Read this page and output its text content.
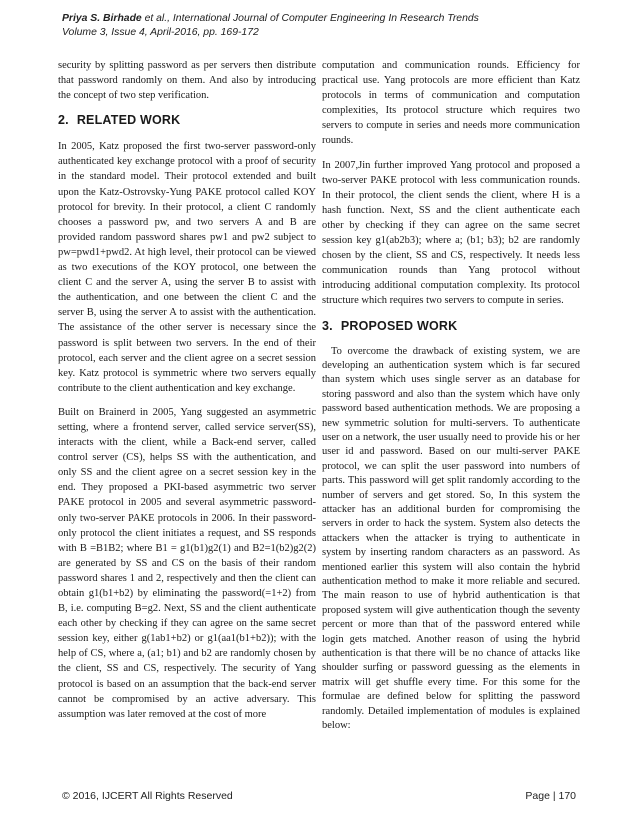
Priya S. Birhade et al., International Journal of Computer Engineering In Research Trends
Volume 3, Issue 4, April-2016, pp. 169-172

security by splitting password as per servers then distribute that password randomly on them. And also by introducing the concept of two step verification.

2. RELATED WORK

In 2005, Katz proposed the first two-server password-only authenticated key exchange protocol with a proof of security in the standard model. Their protocol extended and built upon the Katz-Ostrovsky-Yung PAKE protocol called KOY protocol for brevity. In their protocol, a client C randomly chooses a password pw, and two servers A and B are provided random password shares pw1 and pw2 subject to pw=pwd1+pwd2. At high level, their protocol can be viewed as two executions of the KOY protocol, one between the client C and the server A, using the server B to assist with the authentication, and one between the client C and the server B, using the server A to assist with the authentication. The assistance of the other server is necessary since the password is split between two servers. In the end of their protocol, each server and the client agree on a secret session key. Katz protocol is symmetric where two servers equally contribute to the client authentication and key exchange.

Built on Brainerd in 2005, Yang suggested an asymmetric setting, where a frontend server, called service server(SS), interacts with the client, while a Back-end server, called control server (CS), helps SS with the authentication, and only SS and the client agree on a secret session key in the end. They proposed a PKI-based asymmetric two server PAKE protocol in 2005 and several asymmetric password-only two-server PAKE protocols in 2006. In their password-only protocol the client initiates a request, and SS responds with B =B1B2; where B1 = g1(b1)g2(1) and B2=1(b2)g2(2) are generated by SS and CS on the basis of their random password shares 1 and 2, respectively and then the client can obtain g1(b1+b2) by eliminating the password(=1+2) from B, i.e. computing B=g2. Next, SS and the client authenticate each other by checking if they can agree on the same secret session key, either g(1ab1+b2) or g1(aa1(b1+b2)); with the help of CS, where a, (a1; b1) and b2 are randomly chosen by the client, SS and CS, respectively. The security of Yang protocol is based on an assumption that the back-end server cannot be compromised by an active adversary. This assumption was later removed at the cost of more

computation and communication rounds. Efficiency for practical use. Yang protocols are more efficient than Katz protocols in terms of communication and computation complexities, Its protocol structure which requires two servers to compute in series and needs more communication rounds.

In 2007,Jin further improved Yang protocol and proposed a two-server PAKE protocol with less communication rounds. In their protocol, the client sends the client, where H is a hash function. Next, SS and the client authenticate each other by checking if they can agree on the same secret session key g1(ab2b3); where a; (b1; b3); b2 are randomly chosen by the client, SS and CS, respectively. It needs less communication rounds than Yang protocol without introducing additional computation complexity. Its protocol structure which requires two servers to compute in series.

3. PROPOSED WORK

To overcome the drawback of existing system, we are developing an authentication system which is far secured than system which uses single server as an database for storing password and also than the system which have only password based authentication methods. We are proposing a new symmetric solution for multi-servers. To authenticate user on a network, the user usually need to provide his or her user id and password. Based on our multi-server PAKE protocol, we can split the user password into numbers of parts. This password will get split randomly according to the number of servers and get stored. So, In this system the attacker has an additional burden for compromising the servers in order to hack the system. System also detects the attackers when the attacker is trying to authenticate in system by inserting random characters as an password. As mentioned earlier this system will also contain the hybrid authentication method to make it more reliable and secured. The main reason to use of hybrid authentication is that proposed system will give authentication though the seventy percent or more than that of the password entered while login gets matched. Another reason of using the hybrid authentication is that there will be no chance of attacks like shoulder surfing or password guessing as the elements in matrix will get shuffle every time. For this some for the formulae are defined below for splitting the password randomly. Detailed implementation of modules is explained below:

© 2016, IJCERT All Rights Reserved	Page | 170
